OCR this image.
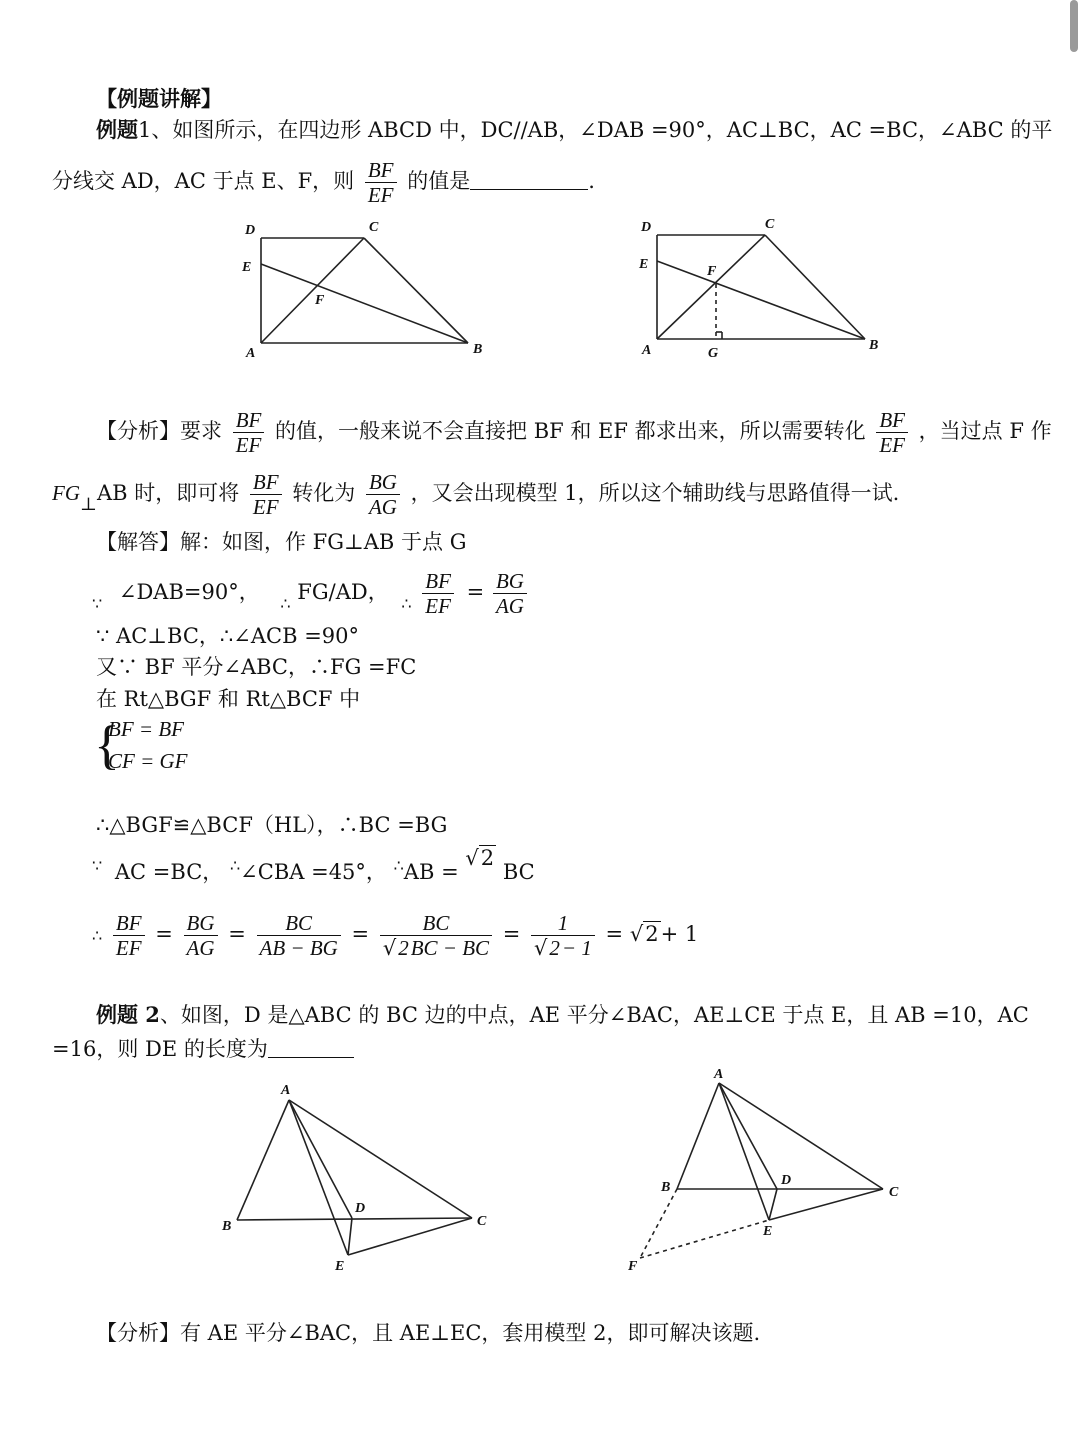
【例题讲解】
例题1、如图所示，在四边形 ABCD 中，DC//AB，∠DAB =90°，AC⊥BC，AC =BC，∠ABC 的平
分线交 AD，AC 于点 E、F，则 $\frac{BF}{EF}$ 的值是	.
D	C
E
F
A	B
D	C
E	F
A	G
B
【分析】要求 $\frac{BF}{EF}$ 的值，一般来说不会直接把 BF 和 EF 都求出来，所以需要转化 $\frac{BF}{EF}$ ，当过点 F 作
FG⊥AB 时，即可将 $\frac{BF}{EF}$ 转化为 $\frac{BG}{AG}$ ，又会出现模型 1，所以这个辅助线与思路值得一试.
【解答】解：如图，作 FG⊥AB 于点 G
$_\because$ ∠DAB=90°， $_\therefore$ FG/AD， $_\therefore \frac{BF}{EF} = \frac{BG}{AG}$
∵ AC⊥BC，∴∠ACB =90°
又∵ BF 平分∠ABC，∴FG =FC
在 Rt△BGF 和 Rt△BCF 中
{
BF = BF
CF = GF
∴△BGF≌△BCF（HL），∴BC =BG
∵ AC =BC， ∴∠CBA =45°， ∴AB = √2 BC
∴ $\frac{BF}{EF} = \frac{BG}{AG} = \frac{BC}{AB - BG} = \frac{BC}{√2BC - BC} = \frac{1}{√2- 1} = √2+ 1$
例题 2、如图，D 是△ABC 的 BC 边的中点，AE 平分∠BAC，AE⊥CE 于点 E，且 AB =10，AC
=16，则 DE 的长度为
A
D
B	C
E
A
D
B	C
E
F
【分析】有 AE 平分∠BAC，且 AE⊥EC，套用模型 2，即可解决该题.
